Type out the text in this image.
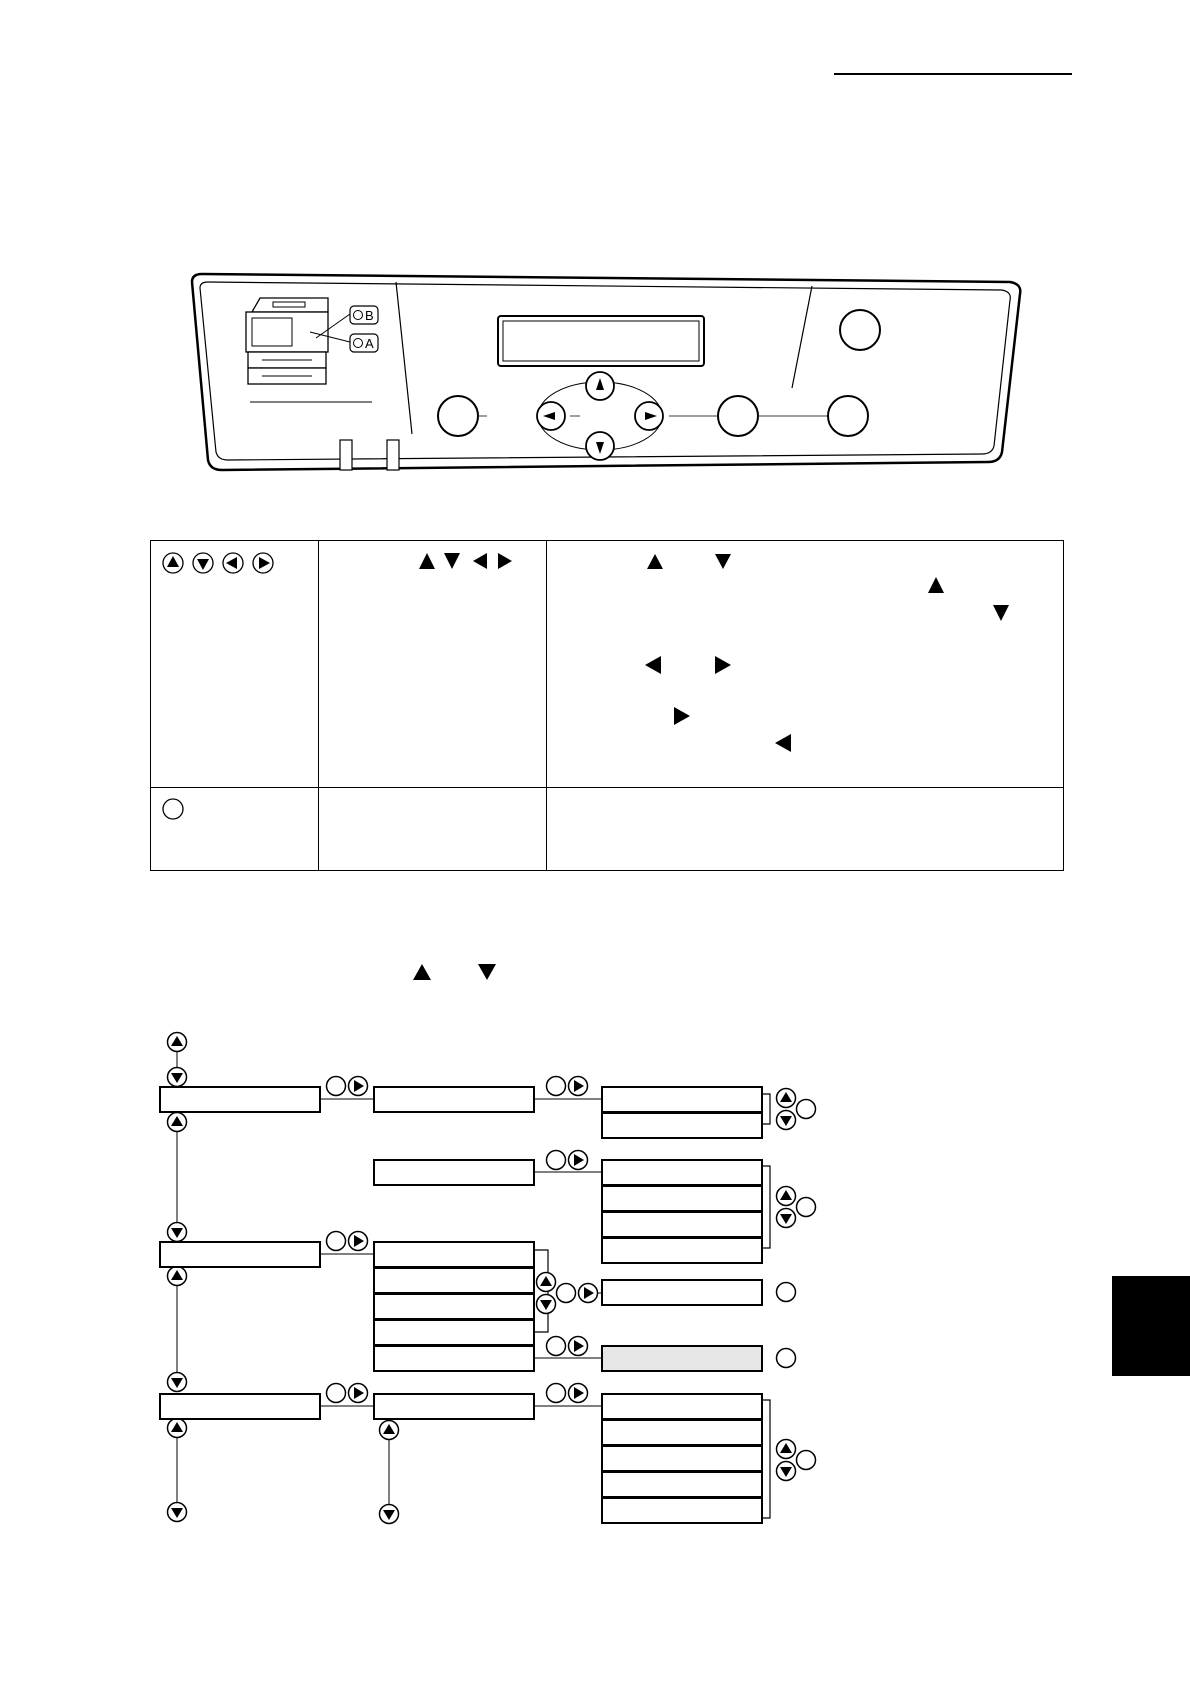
B
A
